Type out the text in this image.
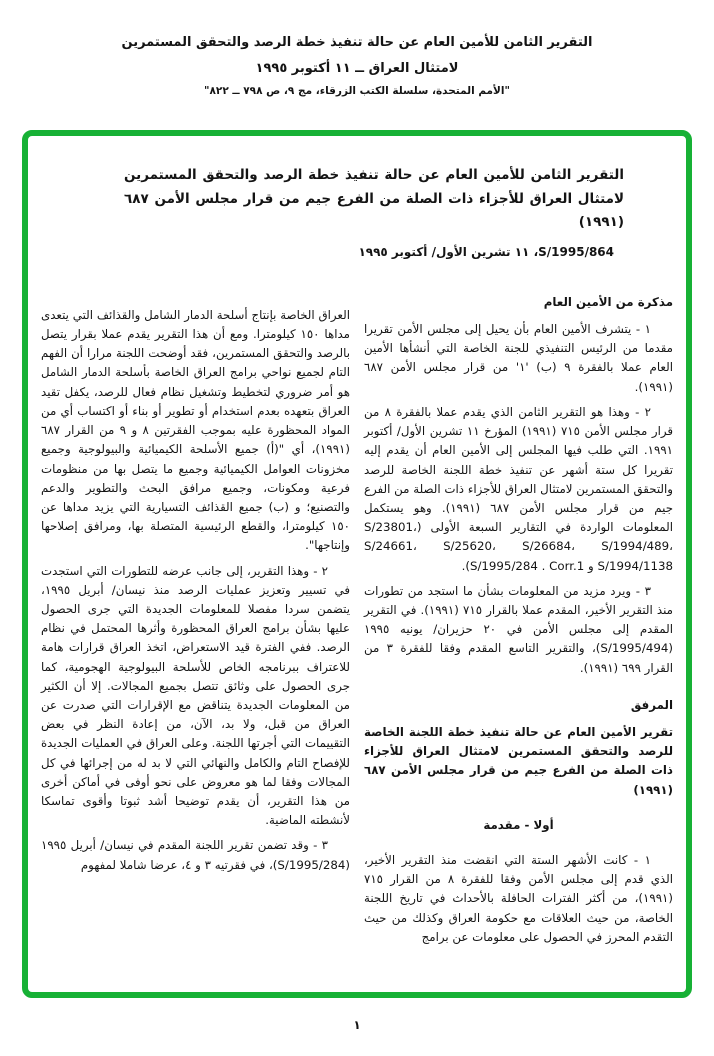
التقرير الثامن للأمين العام عن حالة تنفيذ خطة الرصد والتحقق المستمرين
لامتثال العراق ــ ١١ أكتوبر ١٩٩٥
"الأمم المتحدة، سلسلة الكتب الزرقاء، مج ٩، ص ٧٩٨ ــ ٨٢٢"
التقرير الثامن للأمين العام عن حالة تنفيذ خطة الرصد والتحقق المستمرين لامتثال العراق للأجزاء ذات الصلة من الفرع جيم من قرار مجلس الأمن ٦٨٧ (١٩٩١)
S/1995/864، ١١ تشرين الأول/ أكتوبر ١٩٩٥
مذكرة من الأمين العام

١ - يتشرف الأمين العام بأن يحيل إلى مجلس الأمن تقريرا مقدما من الرئيس التنفيذي للجنة الخاصة التي أنشأها الأمين العام عملا بالفقرة ٩ (ب) '١' من قرار مجلس الأمن ٦٨٧ (١٩٩١).

٢ - وهذا هو التقرير الثامن الذي يقدم عملا بالفقرة ٨ من قرار مجلس الأمن ٧١٥ (١٩٩١) المؤرخ ١١ تشرين الأول/ أكتوبر ١٩٩١. التي طلب فيها المجلس إلى الأمين العام أن يقدم إليه تقريرا كل ستة أشهر عن تنفيذ خطة اللجنة الخاصة للرصد والتحقق المستمرين لامتثال العراق للأجزاء ذات الصلة من الفرع جيم من قرار مجلس الأمن ٦٨٧ (١٩٩١). وهو يستكمل المعلومات الواردة في التقارير السبعة الأولى (S/23801، S/24661، S/25620، S/26684، S/1994/489، S/1994/1138 و S/1995/284 . Corr.1).

٣ - ويرد مزيد من المعلومات بشأن ما استجد من تطورات منذ التقرير الأخير، المقدم عملا بالقرار ٧١٥ (١٩٩١). في التقرير المقدم إلى مجلس الأمن في ٢٠ حزيران/ يونيه ١٩٩٥ (S/1995/494)، والتقرير التاسع المقدم وفقا للفقرة ٣ من القرار ٦٩٩ (١٩٩١).

المرفق

تقرير الأمين العام عن حالة تنفيذ خطة اللجنة الخاصة للرصد والتحقق المستمرين لامتثال العراق للأجزاء ذات الصلة من الفرع جيم من قرار مجلس الأمن ٦٨٧ (١٩٩١)

أولا - مقدمة

١ - كانت الأشهر الستة التي انقضت منذ التقرير الأخير، الذي قدم إلى مجلس الأمن وفقا للفقرة ٨ من القرار ٧١٥ (١٩٩١)، من أكثر الفترات الحافلة بالأحداث في تاريخ اللجنة الخاصة، من حيث العلاقات مع حكومة العراق وكذلك من حيث التقدم المحرز في الحصول على معلومات عن برامج

العراق الخاصة بإنتاج أسلحة الدمار الشامل والقذائف التي يتعدى مداها ١٥٠ كيلومترا. ومع أن هذا التقرير يقدم عملا بقرار يتصل بالرصد والتحقق المستمرين، فقد أوضحت اللجنة مرارا أن الفهم التام لجميع نواحي برامج العراق الخاصة بأسلحة الدمار الشامل هو أمر ضروري لتخطيط وتشغيل نظام فعال للرصد، يكفل تقيد العراق بتعهده بعدم استخدام أو تطوير أو بناء أو اكتساب أي من المواد المحظورة عليه بموجب الفقرتين ٨ و ٩ من القرار ٦٨٧ (١٩٩١)، أي "(أ) جميع الأسلحة الكيميائية والبيولوجية وجميع مخزونات العوامل الكيميائية وجميع ما يتصل بها من منظومات فرعية ومكونات، وجميع مرافق البحث والتطوير والدعم والتصنيع؛ و (ب) جميع القذائف التسيارية التي يزيد مداها عن ١٥٠ كيلومترا، والقطع الرئيسية المتصلة بها، ومرافق إصلاحها وإنتاجها".

٢ - وهذا التقرير، إلى جانب عرضه للتطورات التي استجدت في تسيير وتعزيز عمليات الرصد منذ نيسان/ أبريل ١٩٩٥، يتضمن سردا مفصلا للمعلومات الجديدة التي جرى الحصول عليها بشأن برامج العراق المحظورة وأثرها المحتمل في نظام الرصد. ففي الفترة قيد الاستعراض، اتخذ العراق قرارات هامة للاعتراف ببرنامجه الخاص للأسلحة البيولوجية الهجومية، كما جرى الحصول على وثائق تتصل بجميع المجالات. إلا أن الكثير من المعلومات الجديدة يتناقض مع الإقرارات التي صدرت عن العراق من قبل، ولا بد، الآن، من إعادة النظر في بعض التقييمات التي أجرتها اللجنة. وعلى العراق في العمليات الجديدة للإفصاح التام والكامل والنهائي التي لا بد له من إجرائها في كل المجالات وفقا لما هو معروض على نحو أوفى في أماكن أخرى من هذا التقرير، أن يقدم توضيحا أشد ثبوتا وأقوى تماسكا لأنشطته الماضية.

٣ - وقد تضمن تقرير اللجنة المقدم في نيسان/ أبريل ١٩٩٥ (S/1995/284)، في فقرتيه ٣ و ٤، عرضا شاملا لمفهوم

١
